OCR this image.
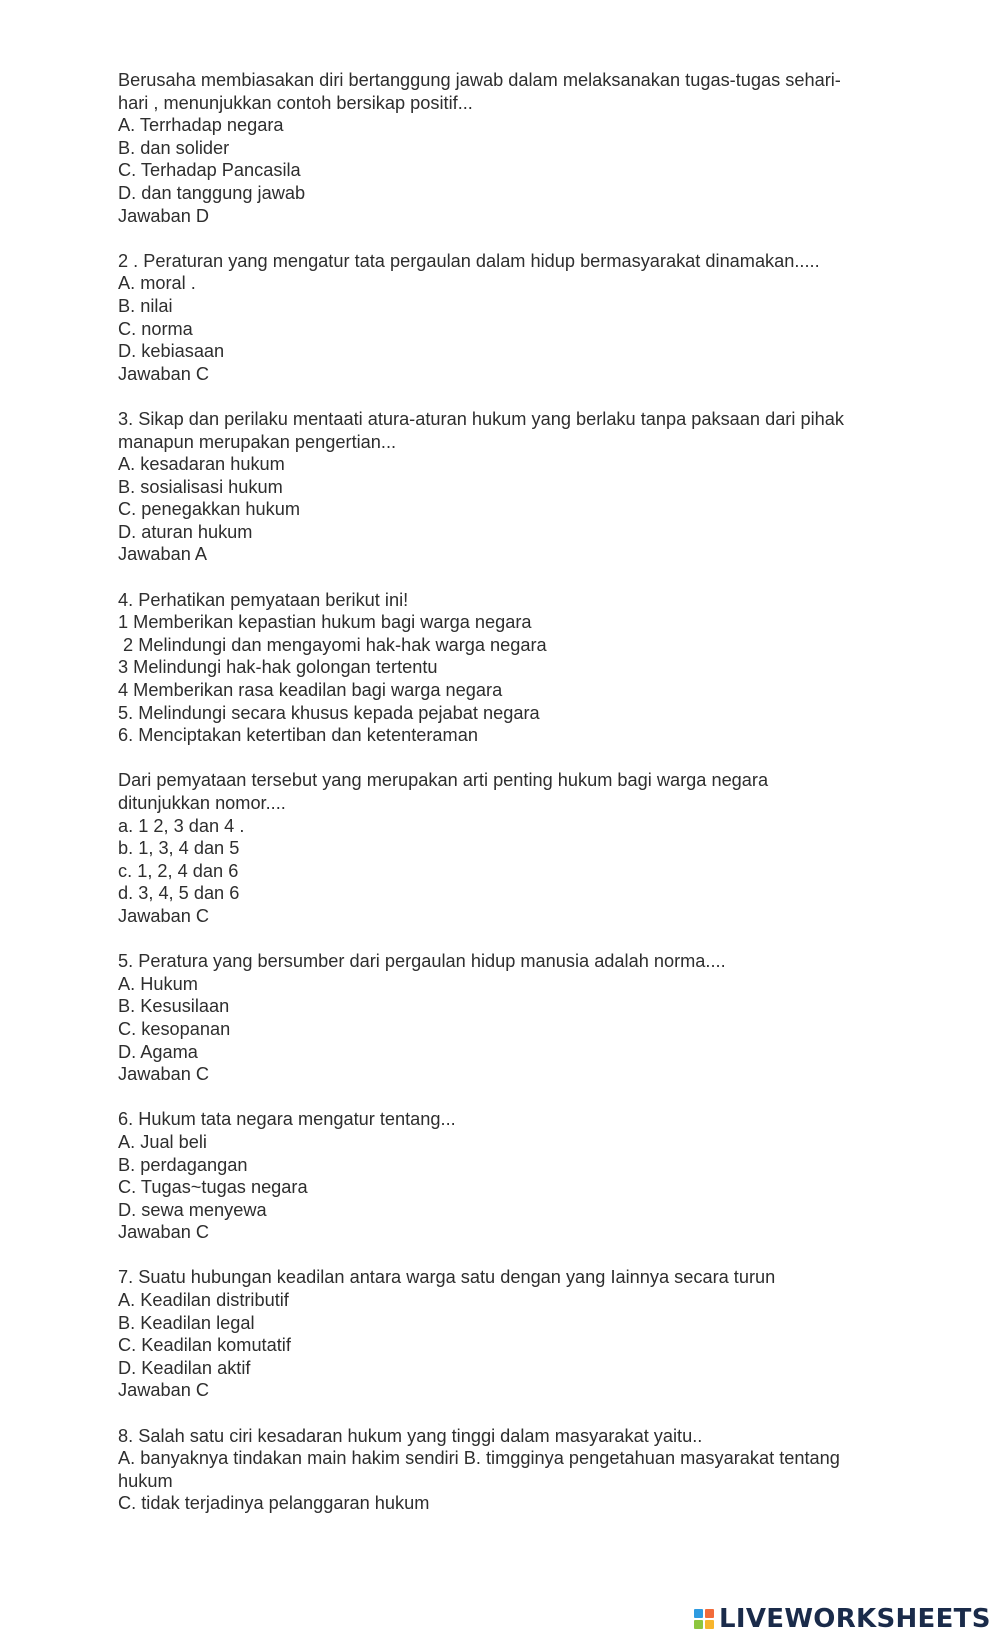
Berusaha membiasakan diri bertanggung jawab dalam melaksanakan tugas-tugas sehari-
hari , menunjukkan contoh bersikap positif...
A. Terrhadap negara
B. dan solider
C. Terhadap Pancasila
D. dan tanggung jawab
Jawaban D
2 . Peraturan yang mengatur tata pergaulan dalam hidup bermasyarakat dinamakan.....
A. moral .
B. nilai
C. norma
D. kebiasaan
Jawaban C
3. Sikap dan perilaku mentaati atura-aturan hukum yang berlaku tanpa paksaan dari pihak
manapun merupakan pengertian...
A. kesadaran hukum
B. sosialisasi hukum
C. penegakkan hukum
D. aturan hukum
Jawaban A
4. Perhatikan pemyataan berikut ini!
1 Memberikan kepastian hukum bagi warga negara
2 Melindungi dan mengayomi hak-hak warga negara
3 Melindungi hak-hak golongan tertentu
4 Memberikan rasa keadilan bagi warga negara
5. Melindungi secara khusus kepada pejabat negara
6. Menciptakan ketertiban dan ketenteraman
Dari pemyataan tersebut yang merupakan arti penting hukum bagi warga negara
ditunjukkan nomor....
a. 1 2, 3 dan 4 .
b. 1, 3, 4 dan 5
c. 1, 2, 4 dan 6
d. 3, 4, 5 dan 6
Jawaban C
5. Peratura yang bersumber dari pergaulan hidup manusia adalah norma....
A. Hukum
B. Kesusilaan
C. kesopanan
D. Agama
Jawaban C
6. Hukum tata negara mengatur tentang...
A. Jual beli
B. perdagangan
C. Tugas~tugas negara
D. sewa menyewa
Jawaban C
7. Suatu hubungan keadilan antara warga satu dengan yang Iainnya secara turun
A. Keadilan distributif
B. Keadilan legal
C. Keadilan komutatif
D. Keadilan aktif
Jawaban C
8. Salah satu ciri kesadaran hukum yang tinggi dalam masyarakat yaitu..
A. banyaknya tindakan main hakim sendiri B. timgginya pengetahuan masyarakat tentang
hukum
C. tidak terjadinya pelanggaran hukum
LIVEWORKSHEETS
